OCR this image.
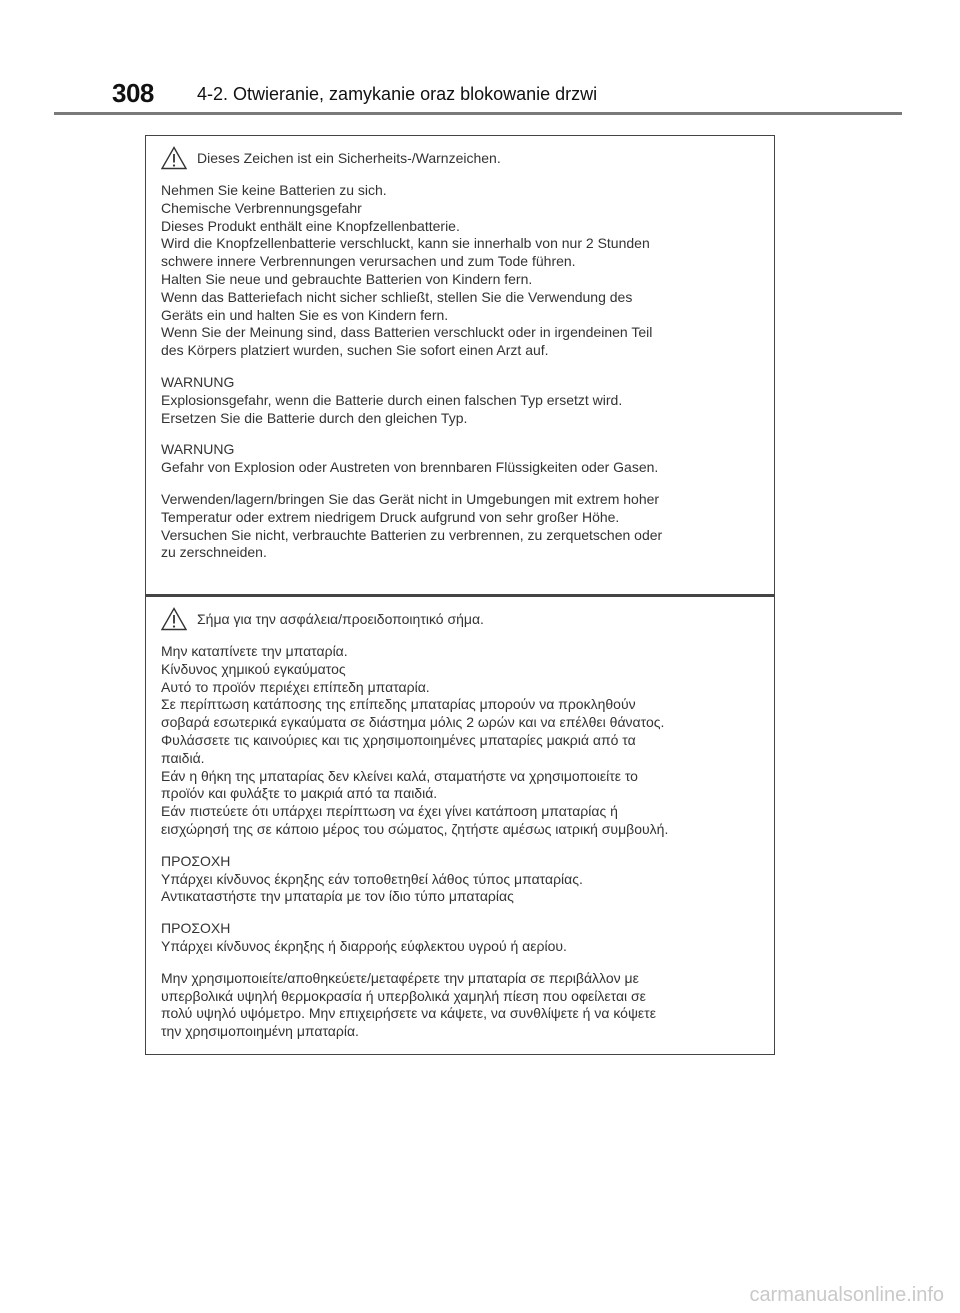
308 4-2. Otwieranie, zamykanie oraz blokowanie drzwi
Dieses Zeichen ist ein Sicherheits-/Warnzeichen.
Nehmen Sie keine Batterien zu sich.
Chemische Verbrennungsgefahr
Dieses Produkt enthält eine Knopfzellenbatterie.
Wird die Knopfzellenbatterie verschluckt, kann sie innerhalb von nur 2 Stunden
schwere innere Verbrennungen verursachen und zum Tode führen.
Halten Sie neue und gebrauchte Batterien von Kindern fern.
Wenn das Batteriefach nicht sicher schließt, stellen Sie die Verwendung des
Geräts ein und halten Sie es von Kindern fern.
Wenn Sie der Meinung sind, dass Batterien verschluckt oder in irgendeinen Teil
des Körpers platziert wurden, suchen Sie sofort einen Arzt auf.
WARNUNG
Explosionsgefahr, wenn die Batterie durch einen falschen Typ ersetzt wird.
Ersetzen Sie die Batterie durch den gleichen Typ.
WARNUNG
Gefahr von Explosion oder Austreten von brennbaren Flüssigkeiten oder Gasen.
Verwenden/lagern/bringen Sie das Gerät nicht in Umgebungen mit extrem hoher
Temperatur oder extrem niedrigem Druck aufgrund von sehr großer Höhe.
Versuchen Sie nicht, verbrauchte Batterien zu verbrennen, zu zerquetschen oder
zu zerschneiden.
Σήμα για την ασφάλεια/προειδοποιητικό σήμα.
Μην καταπίνετε την μπαταρία.
Κίνδυνος χημικού εγκαύματος
Αυτό το προϊόν περιέχει επίπεδη μπαταρία.
Σε περίπτωση κατάποσης της επίπεδης μπαταρίας μπορούν να προκληθούν
σοβαρά εσωτερικά εγκαύματα σε διάστημα μόλις 2 ωρών και να επέλθει θάνατος.
Φυλάσσετε τις καινούριες και τις χρησιμοποιημένες μπαταρίες μακριά από τα
παιδιά.
Εάν η θήκη της μπαταρίας δεν κλείνει καλά, σταματήστε να χρησιμοποιείτε το
προϊόν και φυλάξτε το μακριά από τα παιδιά.
Εάν πιστεύετε ότι υπάρχει περίπτωση να έχει γίνει κατάποση μπαταρίας ή
εισχώρησή της σε κάποιο μέρος του σώματος, ζητήστε αμέσως ιατρική συμβουλή.
ΠΡΟΣΟΧΗ
Υπάρχει κίνδυνος έκρηξης εάν τοποθετηθεί λάθος τύπος μπαταρίας.
Αντικαταστήστε την μπαταρία με τον ίδιο τύπο μπαταρίας
ΠΡΟΣΟΧΗ
Υπάρχει κίνδυνος έκρηξης ή διαρροής εύφλεκτου υγρού ή αερίου.
Μην χρησιμοποιείτε/αποθηκεύετε/μεταφέρετε την μπαταρία σε περιβάλλον με
υπερβολικά υψηλή θερμοκρασία ή υπερβολικά χαμηλή πίεση που οφείλεται σε
πολύ υψηλό υψόμετρο. Μην επιχειρήσετε να κάψετε, να συνθλίψετε ή να κόψετε
την χρησιμοποιημένη μπαταρία.
carmanualsonline.info
